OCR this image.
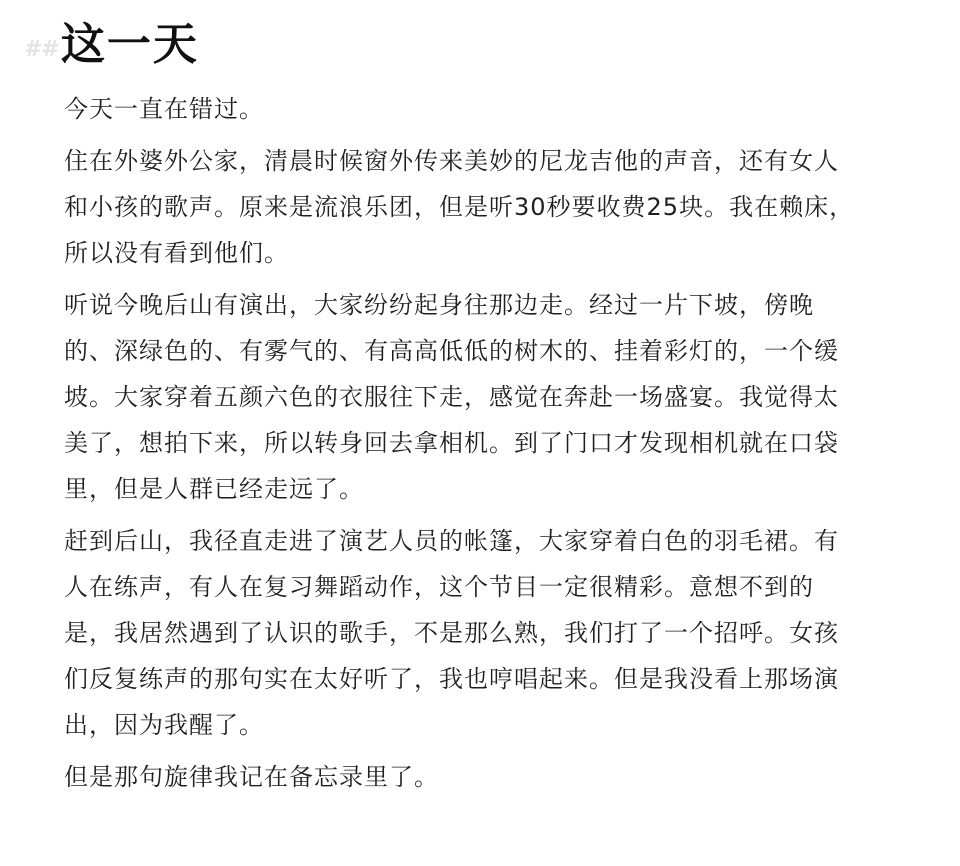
## 这一天

今天一直在错过。

住在外婆外公家，清晨时候窗外传来美妙的尼龙吉他的声音，还有女人
和小孩的歌声。原来是流浪乐团，但是听30秒要收费25块。我在赖床，
所以没有看到他们。

听说今晚后山有演出，大家纷纷起身往那边走。经过一片下坡，傍晚
的、深绿色的、有雾气的、有高高低低的树木的、挂着彩灯的，一个缓
坡。大家穿着五颜六色的衣服往下走，感觉在奔赴一场盛宴。我觉得太
美了，想拍下来，所以转身回去拿相机。到了门口才发现相机就在口袋
里，但是人群已经走远了。

赶到后山，我径直走进了演艺人员的帐篷，大家穿着白色的羽毛裙。有
人在练声，有人在复习舞蹈动作，这个节目一定很精彩。意想不到的
是，我居然遇到了认识的歌手，不是那么熟，我们打了一个招呼。女孩
们反复练声的那句实在太好听了，我也哼唱起来。但是我没看上那场演
出，因为我醒了。

但是那句旋律我记在备忘录里了。
